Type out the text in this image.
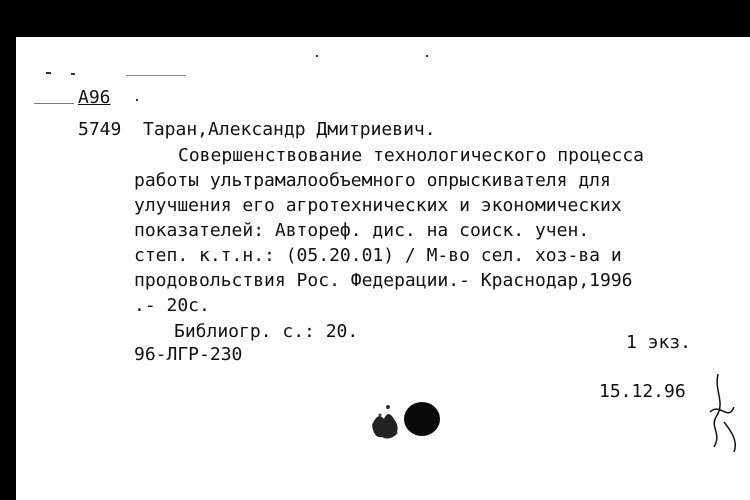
А96
5749 Таран,Александр Дмитриевич.
Совершенствование технологического процесса
работы ультрамалообъемного опрыскивателя для
улучшения его агротехнических и экономических
показателей: Автореф. дис. на соиск. учен.
степ. к.т.н.: (05.20.01) / М-во сел. хоз-ва и
продовольствия Рос. Федерации.- Краснодар,1996
.- 20с.
Библиогр. с.: 20.
96-ЛГР-230
1 экз.
15.12.96
